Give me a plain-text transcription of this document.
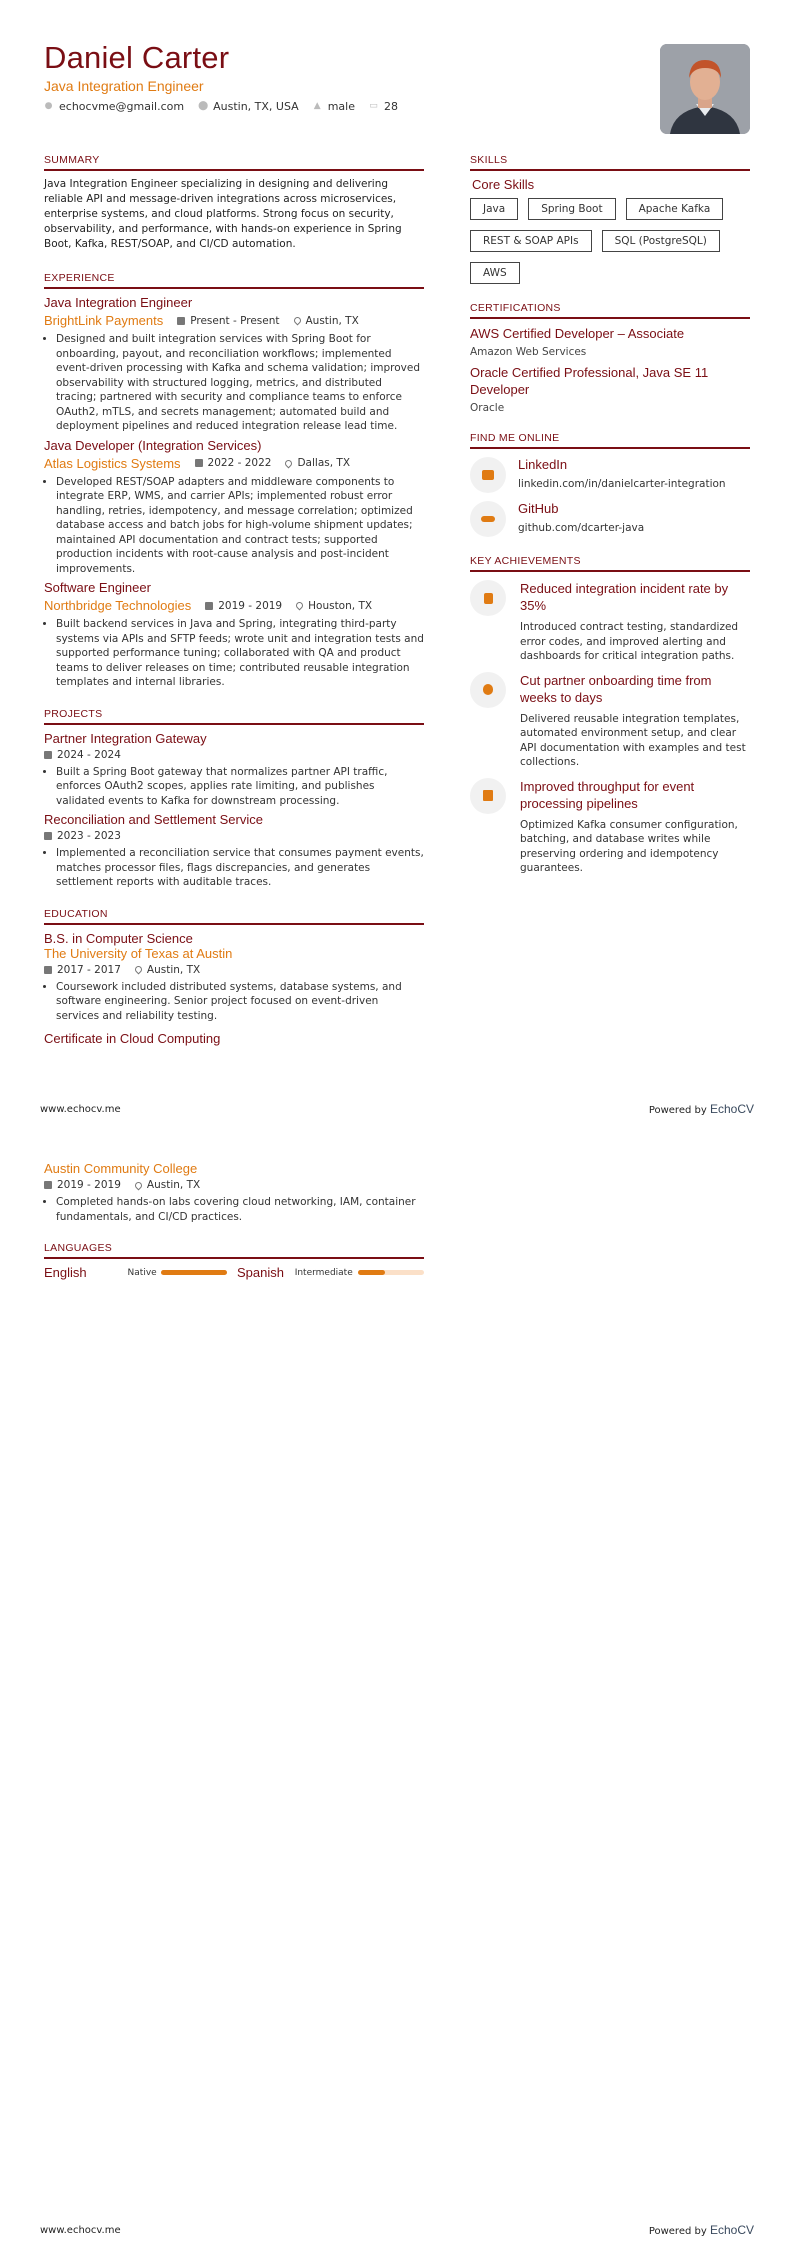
Daniel Carter
Java Integration Engineer
● echocvme@gmail.com ⬤ Austin, TX, USA ▲ male ▭ 28
SUMMARY
Java Integration Engineer specializing in designing and delivering reliable API and message-driven integrations across microservices, enterprise systems, and cloud platforms. Strong focus on security, observability, and performance, with hands-on experience in Spring Boot, Kafka, REST/SOAP, and CI/CD automation.
EXPERIENCE
Java Integration Engineer
BrightLink Payments	Present - Present Austin, TX
• Designed and built integration services with Spring Boot for onboarding, payout, and reconciliation workflows; implemented event-driven processing with Kafka and schema validation; improved observability with structured logging, metrics, and distributed tracing; partnered with security and compliance teams to enforce OAuth2, mTLS, and secrets management; automated build and deployment pipelines and reduced integration release lead time.
Java Developer (Integration Services)
Atlas Logistics Systems	2022 - 2022 Dallas, TX
• Developed REST/SOAP adapters and middleware components to integrate ERP, WMS, and carrier APIs; implemented robust error handling, retries, idempotency, and message correlation; optimized database access and batch jobs for high-volume shipment updates; maintained API documentation and contract tests; supported production incidents with root-cause analysis and post-incident improvements.
Software Engineer
Northbridge Technologies	2019 - 2019 Houston, TX
• Built backend services in Java and Spring, integrating third-party systems via APIs and SFTP feeds; wrote unit and integration tests and supported performance tuning; collaborated with QA and product teams to deliver releases on time; contributed reusable integration templates and internal libraries.
PROJECTS
Partner Integration Gateway
2024 - 2024
• Built a Spring Boot gateway that normalizes partner API traffic, enforces OAuth2 scopes, applies rate limiting, and publishes validated events to Kafka for downstream processing.
Reconciliation and Settlement Service
2023 - 2023
• Implemented a reconciliation service that consumes payment events, matches processor files, flags discrepancies, and generates settlement reports with auditable traces.
EDUCATION
B.S. in Computer Science
The University of Texas at Austin
2017 - 2017 Austin, TX
• Coursework included distributed systems, database systems, and software engineering. Senior project focused on event-driven services and reliability testing.
Certificate in Cloud Computing
SKILLS
Core Skills
Java	Spring Boot	Apache Kafka
REST & SOAP APIs	SQL (PostgreSQL)
AWS
CERTIFICATIONS
AWS Certified Developer – Associate
Amazon Web Services
Oracle Certified Professional, Java SE 11 Developer
Oracle
FIND ME ONLINE
LinkedIn
linkedin.com/in/danielcarter-integration
GitHub
github.com/dcarter-java
KEY ACHIEVEMENTS
Reduced integration incident rate by 35%
Introduced contract testing, standardized error codes, and improved alerting and dashboards for critical integration paths.
Cut partner onboarding time from weeks to days
Delivered reusable integration templates, automated environment setup, and clear API documentation with examples and test collections.
Improved throughput for event processing pipelines
Optimized Kafka consumer configuration, batching, and database writes while preserving ordering and idempotency guarantees.
www.echocv.me	Powered by EchoCV
Austin Community College
2019 - 2019 Austin, TX
• Completed hands-on labs covering cloud networking, IAM, container fundamentals, and CI/CD practices.
LANGUAGES
English	Native	Spanish	Intermediate
www.echocv.me	Powered by EchoCV
